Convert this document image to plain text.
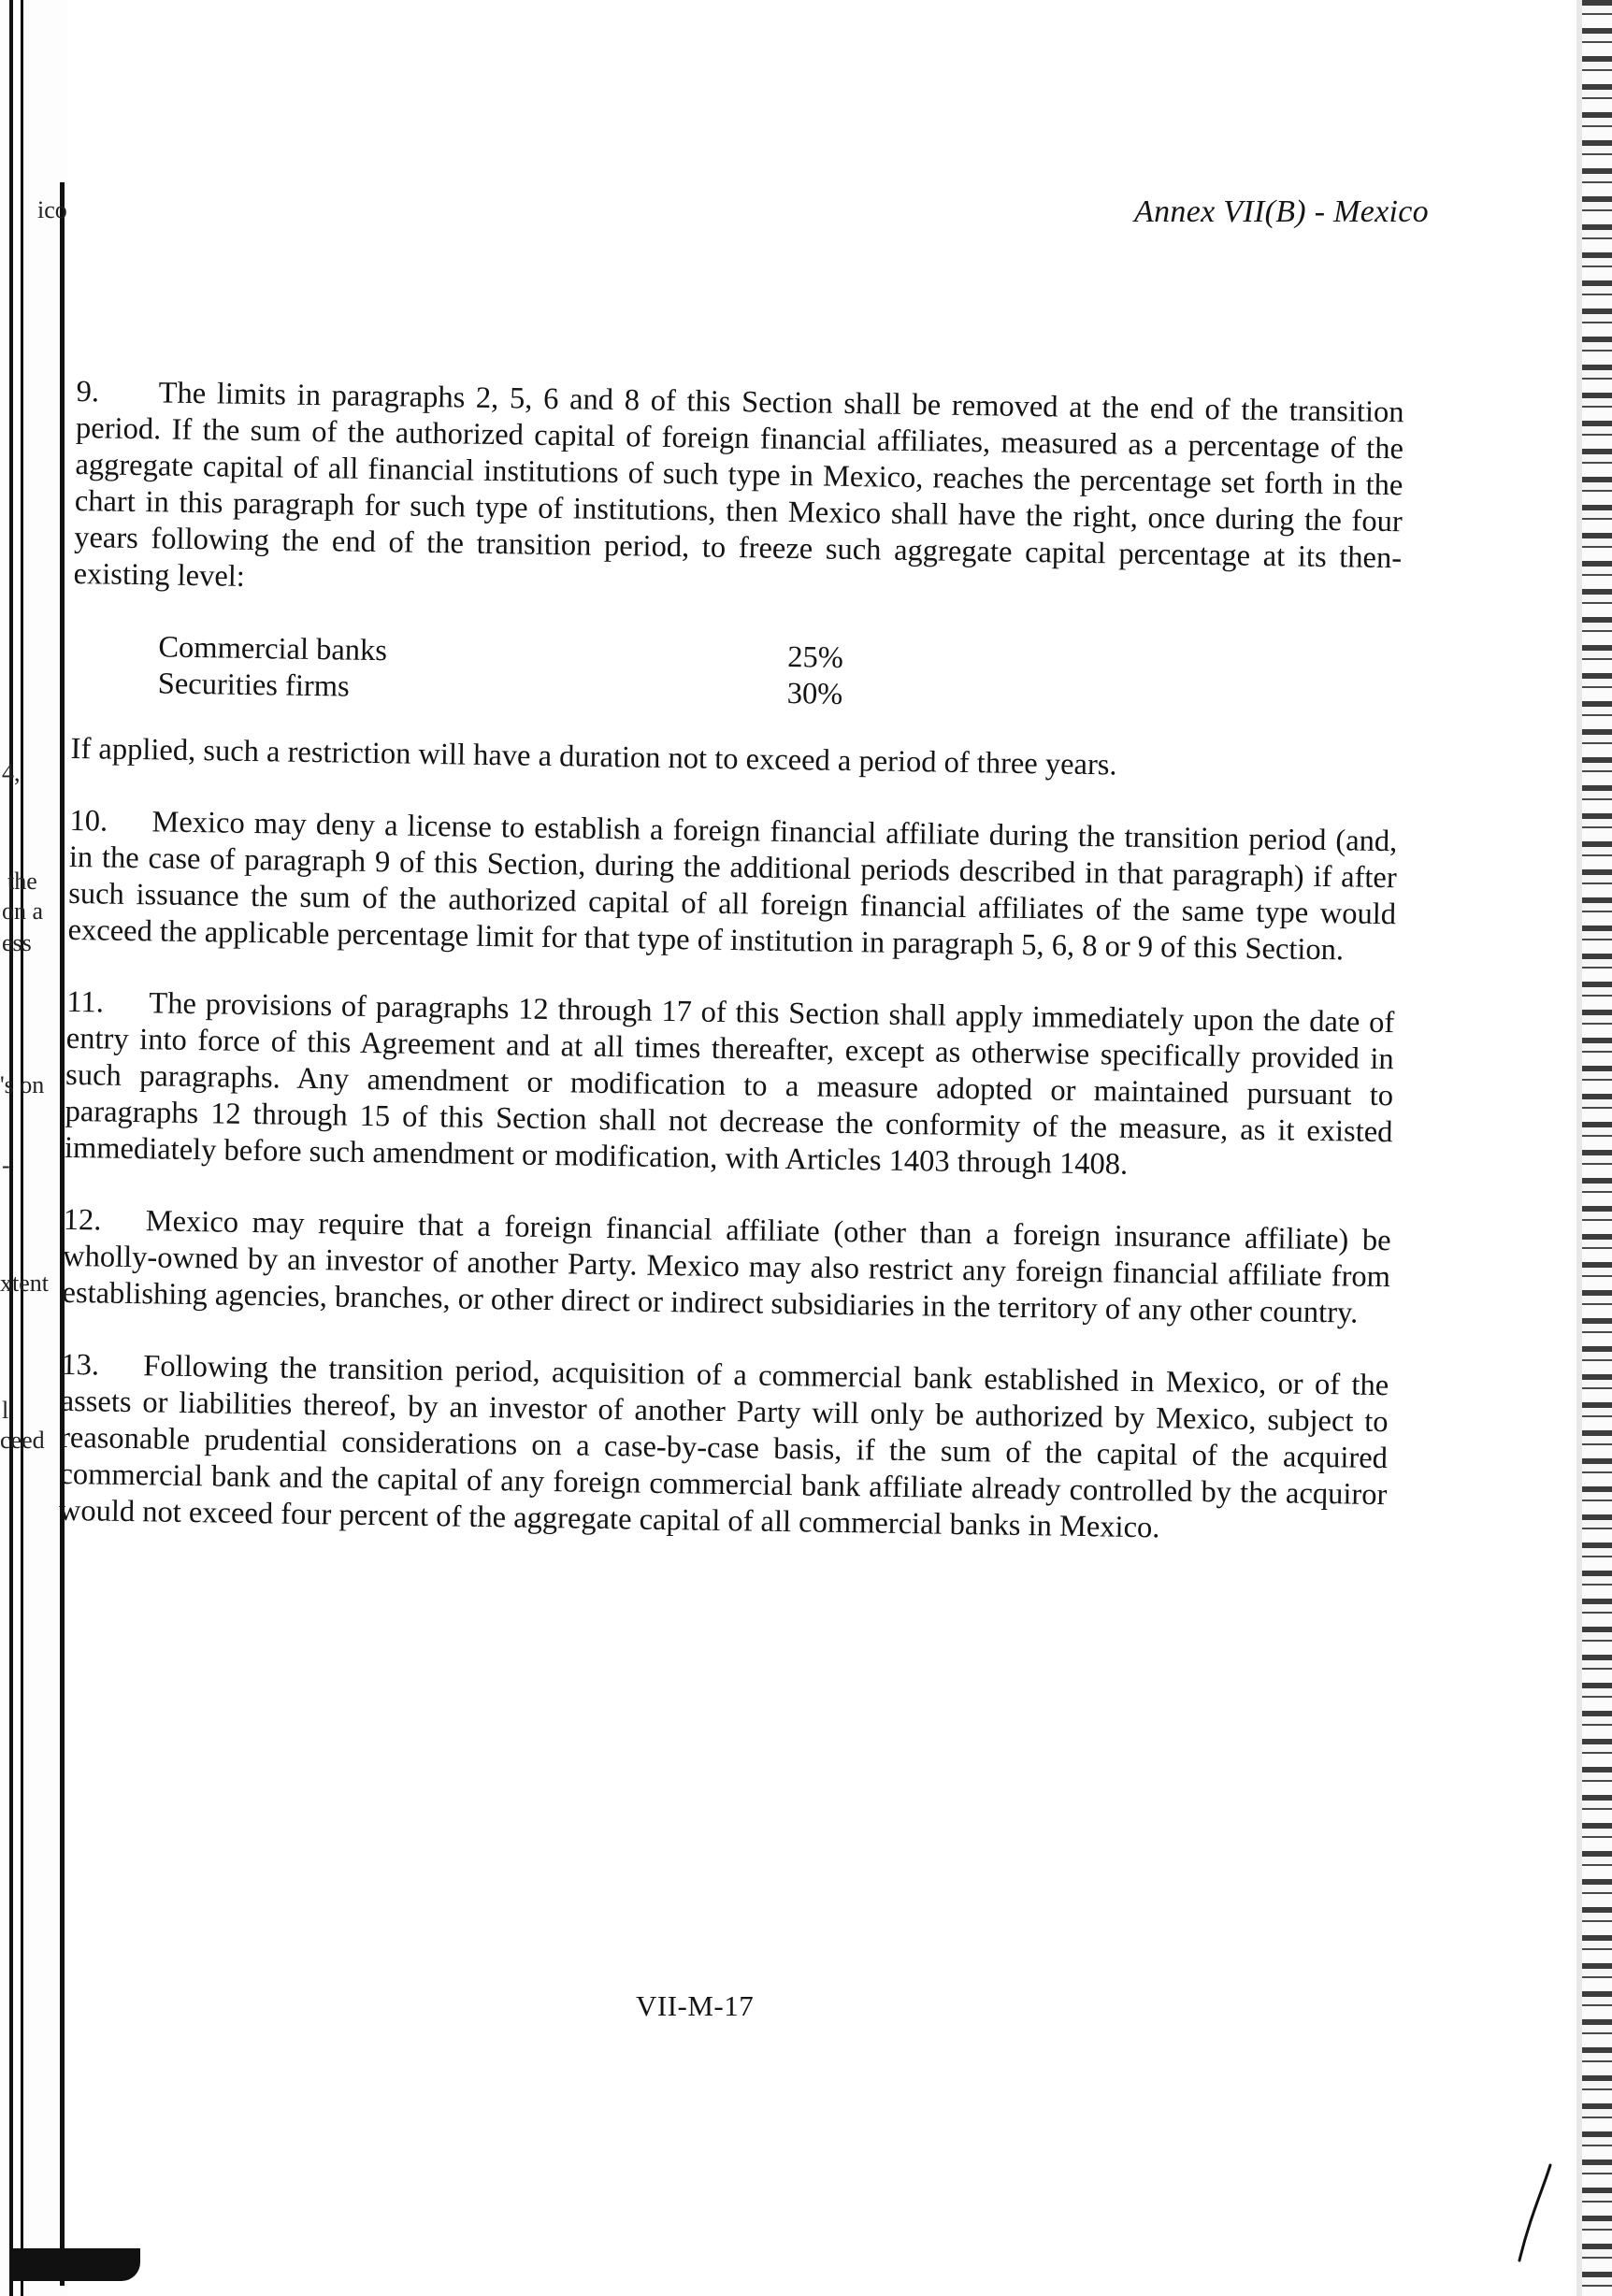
ico
4,
the
on a
ess
's on
-
xtent
l
ceed
Annex VII(B) - Mexico

9. The limits in paragraphs 2, 5, 6 and 8 of this Section shall be removed at the end of the transition period. If the sum of the authorized capital of foreign financial affiliates, measured as a percentage of the aggregate capital of all financial institutions of such type in Mexico, reaches the percentage set forth in the chart in this paragraph for such type of institutions, then Mexico shall have the right, once during the four years following the end of the transition period, to freeze such aggregate capital percentage at its then-existing level:

Commercial banks	25%
Securities firms	30%

If applied, such a restriction will have a duration not to exceed a period of three years.

10. Mexico may deny a license to establish a foreign financial affiliate during the transition period (and, in the case of paragraph 9 of this Section, during the additional periods described in that paragraph) if after such issuance the sum of the authorized capital of all foreign financial affiliates of the same type would exceed the applicable percentage limit for that type of institution in paragraph 5, 6, 8 or 9 of this Section.

11. The provisions of paragraphs 12 through 17 of this Section shall apply immediately upon the date of entry into force of this Agreement and at all times thereafter, except as otherwise specifically provided in such paragraphs. Any amendment or modification to a measure adopted or maintained pursuant to paragraphs 12 through 15 of this Section shall not decrease the conformity of the measure, as it existed immediately before such amendment or modification, with Articles 1403 through 1408.

12. Mexico may require that a foreign financial affiliate (other than a foreign insurance affiliate) be wholly-owned by an investor of another Party. Mexico may also restrict any foreign financial affiliate from establishing agencies, branches, or other direct or indirect subsidiaries in the territory of any other country.

13. Following the transition period, acquisition of a commercial bank established in Mexico, or of the assets or liabilities thereof, by an investor of another Party will only be authorized by Mexico, subject to reasonable prudential considerations on a case-by-case basis, if the sum of the capital of the acquired commercial bank and the capital of any foreign commercial bank affiliate already controlled by the acquiror would not exceed four percent of the aggregate capital of all commercial banks in Mexico.

VII-M-17
